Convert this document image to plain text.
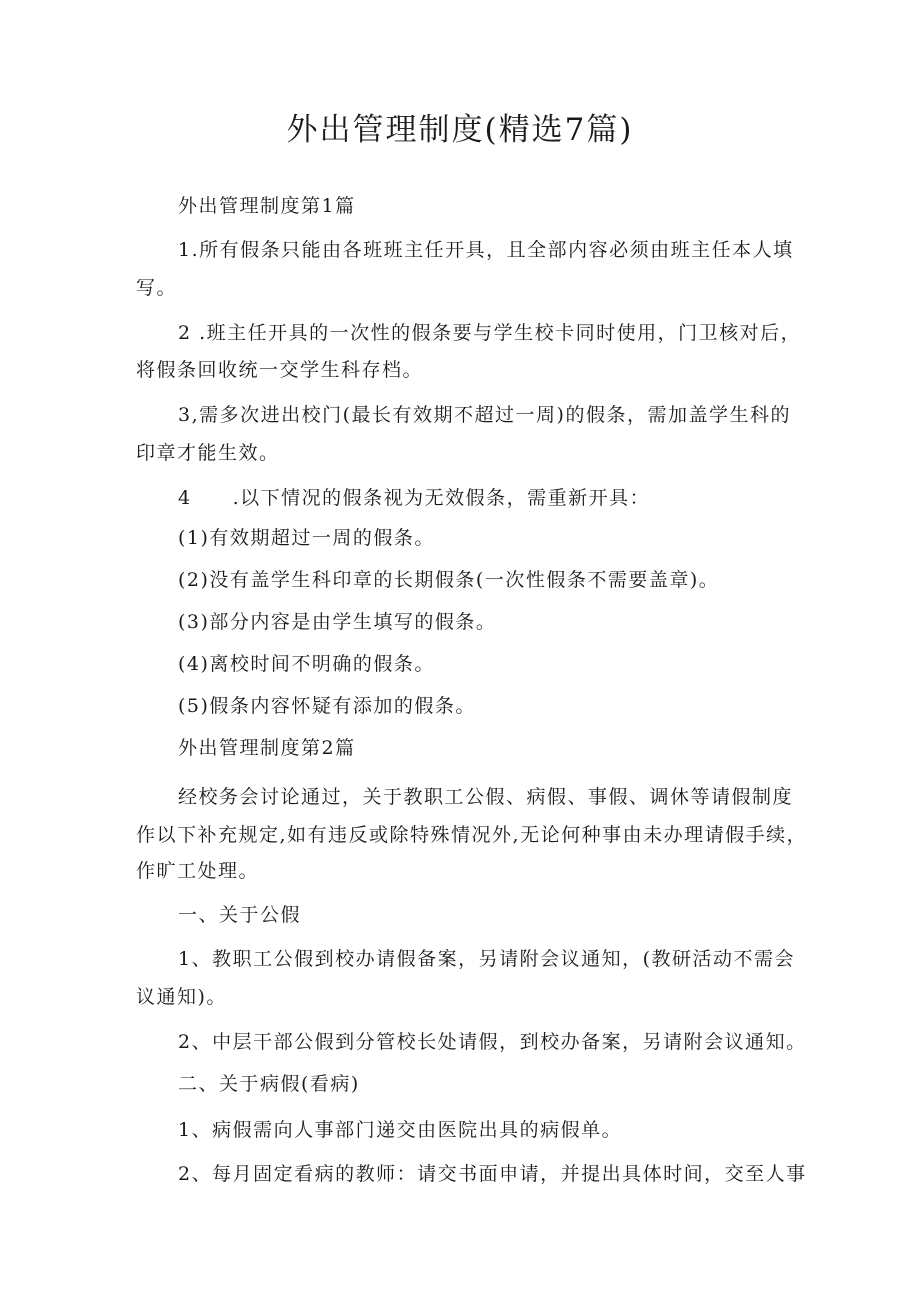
外出管理制度(精选7篇)
外出管理制度第1篇
1.所有假条只能由各班班主任开具，且全部内容必须由班主任本人填
写。
2 .班主任开具的一次性的假条要与学生校卡同时使用，门卫核对后，
将假条回收统一交学生科存档。
3,需多次进出校门(最长有效期不超过一周)的假条，需加盖学生科的
印章才能生效。
4　　.以下情况的假条视为无效假条，需重新开具：
(1)有效期超过一周的假条。
(2)没有盖学生科印章的长期假条(一次性假条不需要盖章)。
(3)部分内容是由学生填写的假条。
(4)离校时间不明确的假条。
(5)假条内容怀疑有添加的假条。
外出管理制度第2篇
经校务会讨论通过，关于教职工公假、病假、事假、调休等请假制度
作以下补充规定,如有违反或除特殊情况外,无论何种事由未办理请假手续，
作旷工处理。
一、关于公假
1、教职工公假到校办请假备案，另请附会议通知，(教研活动不需会
议通知)。
2、中层干部公假到分管校长处请假，到校办备案，另请附会议通知。
二、关于病假(看病)
1、病假需向人事部门递交由医院出具的病假单。
2、每月固定看病的教师：请交书面申请，并提出具体时间，交至人事
